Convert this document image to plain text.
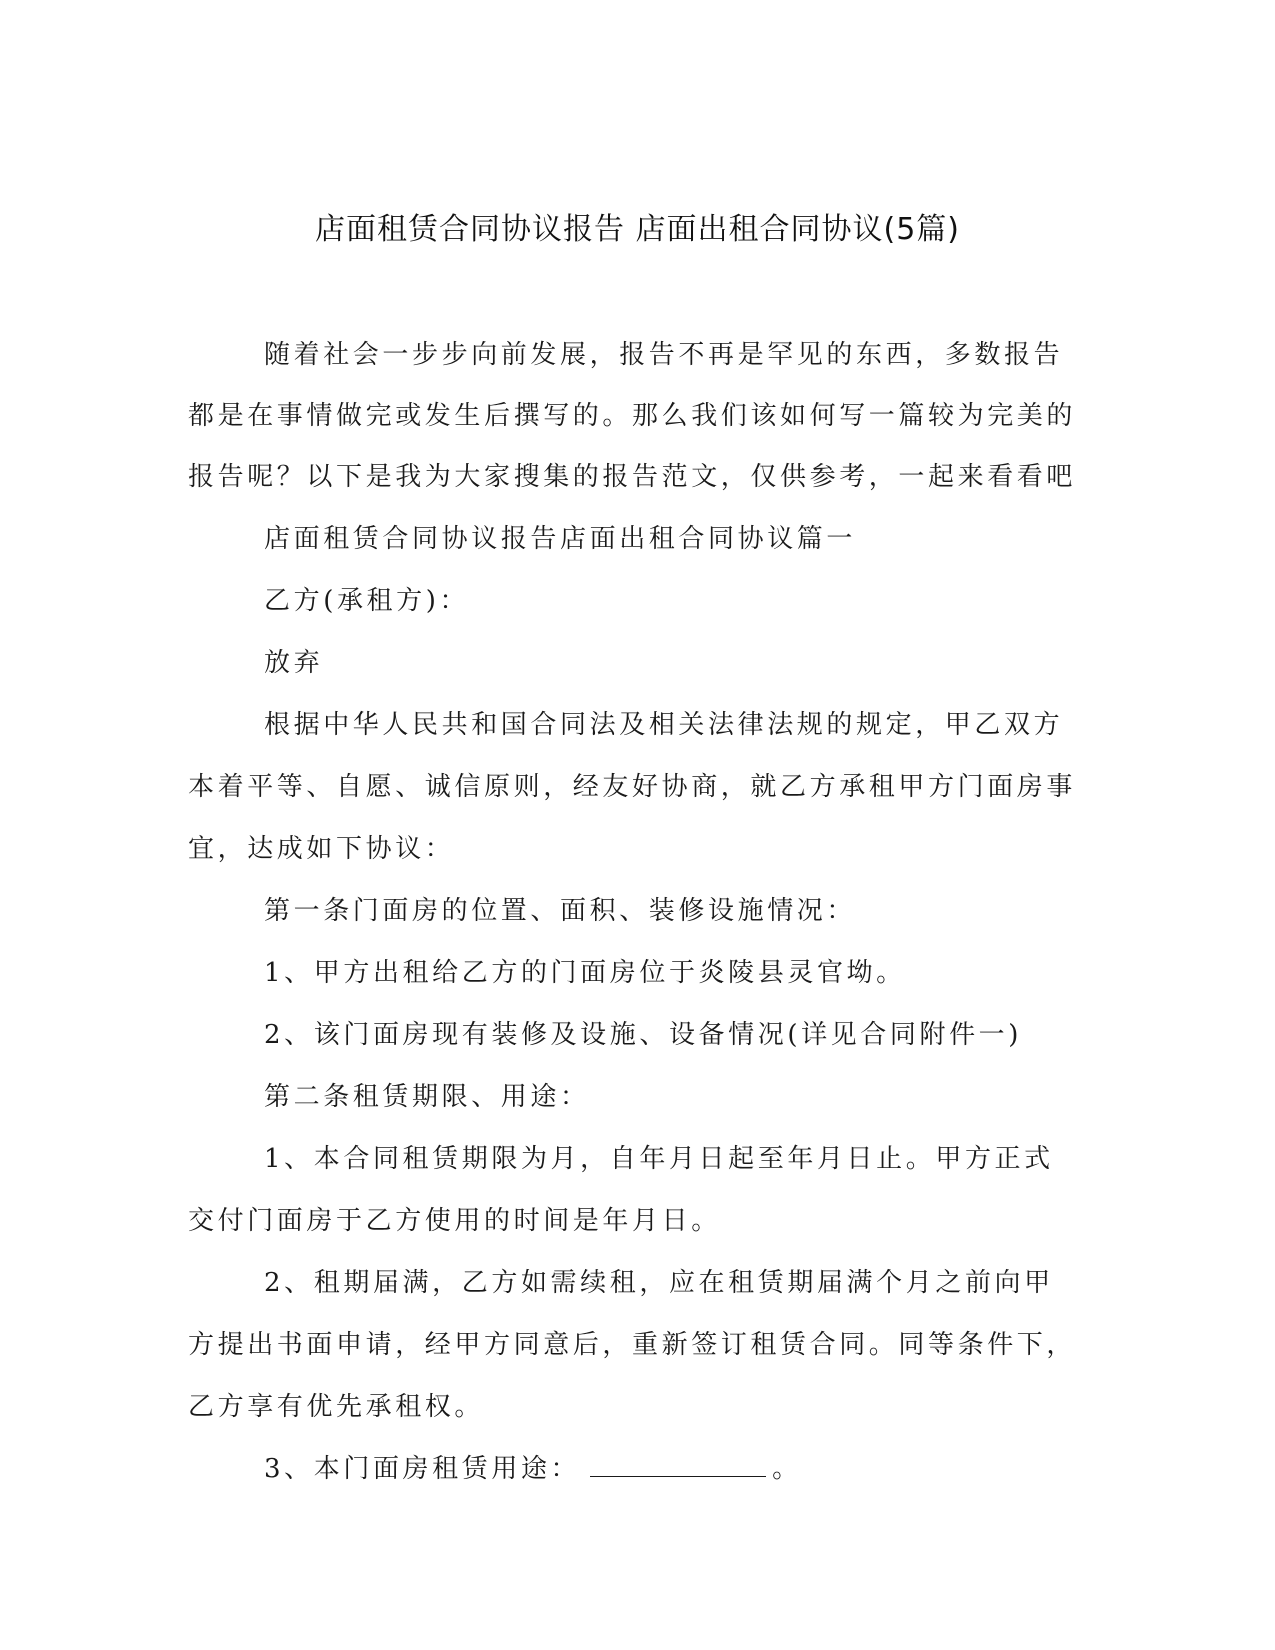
店面租赁合同协议报告 店面出租合同协议(5篇)

随着社会一步步向前发展，报告不再是罕见的东西，多数报告都是在事情做完或发生后撰写的。那么我们该如何写一篇较为完美的报告呢？以下是我为大家搜集的报告范文，仅供参考，一起来看看吧

店面租赁合同协议报告店面出租合同协议篇一

乙方(承租方)：

放弃

根据中华人民共和国合同法及相关法律法规的规定，甲乙双方本着平等、自愿、诚信原则，经友好协商，就乙方承租甲方门面房事宜，达成如下协议：

第一条门面房的位置、面积、装修设施情况：

1、甲方出租给乙方的门面房位于炎陵县灵官坳。

2、该门面房现有装修及设施、设备情况(详见合同附件一)

第二条租赁期限、用途：

1、本合同租赁期限为月，自年月日起至年月日止。甲方正式交付门面房于乙方使用的时间是年月日。

2、租期届满，乙方如需续租，应在租赁期届满个月之前向甲方提出书面申请，经甲方同意后，重新签订租赁合同。同等条件下，乙方享有优先承租权。

3、本门面房租赁用途：	。
